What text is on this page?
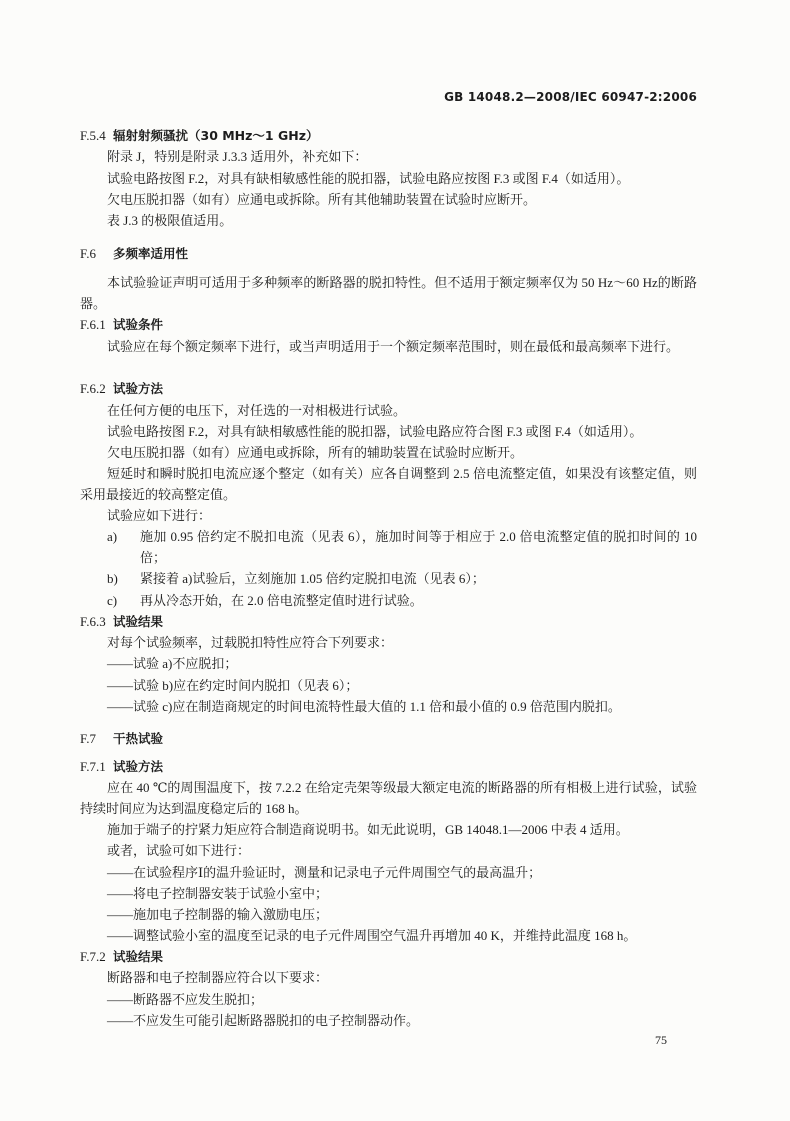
GB 14048.2—2008/IEC 60947-2:2006
F.5.4 辐射射频骚扰（30 MHz～1 GHz）
附录 J，特别是附录 J.3.3 适用外，补充如下：
试验电路按图 F.2，对具有缺相敏感性能的脱扣器，试验电路应按图 F.3 或图 F.4（如适用）。
欠电压脱扣器（如有）应通电或拆除。所有其他辅助装置在试验时应断开。
表 J.3 的极限值适用。
F.6 多频率适用性
本试验验证声明可适用于多种频率的断路器的脱扣特性。但不适用于额定频率仅为 50 Hz～60 Hz的断路器。
F.6.1 试验条件
试验应在每个额定频率下进行，或当声明适用于一个额定频率范围时，则在最低和最高频率下进行。
F.6.2 试验方法
在任何方便的电压下，对任选的一对相极进行试验。
试验电路按图 F.2，对具有缺相敏感性能的脱扣器，试验电路应符合图 F.3 或图 F.4（如适用）。
欠电压脱扣器（如有）应通电或拆除，所有的辅助装置在试验时应断开。
短延时和瞬时脱扣电流应逐个整定（如有关）应各自调整到 2.5 倍电流整定值，如果没有该整定值，则采用最接近的较高整定值。
试验应如下进行：
a)	施加 0.95 倍约定不脱扣电流（见表 6），施加时间等于相应于 2.0 倍电流整定值的脱扣时间的 10 倍；
b)	紧接着 a)试验后，立刻施加 1.05 倍约定脱扣电流（见表 6）；
c)	再从冷态开始，在 2.0 倍电流整定值时进行试验。
F.6.3 试验结果
对每个试验频率，过载脱扣特性应符合下列要求：
——试验 a)不应脱扣；
——试验 b)应在约定时间内脱扣（见表 6）；
——试验 c)应在制造商规定的时间电流特性最大值的 1.1 倍和最小值的 0.9 倍范围内脱扣。
F.7 干热试验
F.7.1 试验方法
应在 40 ℃的周围温度下，按 7.2.2 在给定壳架等级最大额定电流的断路器的所有相极上进行试验，试验持续时间应为达到温度稳定后的 168 h。
施加于端子的拧紧力矩应符合制造商说明书。如无此说明，GB 14048.1—2006 中表 4 适用。
或者，试验可如下进行：
——在试验程序Ⅰ的温升验证时，测量和记录电子元件周围空气的最高温升；
——将电子控制器安装于试验小室中；
——施加电子控制器的输入激励电压；
——调整试验小室的温度至记录的电子元件周围空气温升再增加 40 K，并维持此温度 168 h。
F.7.2 试验结果
断路器和电子控制器应符合以下要求：
——断路器不应发生脱扣；
——不应发生可能引起断路器脱扣的电子控制器动作。
75
